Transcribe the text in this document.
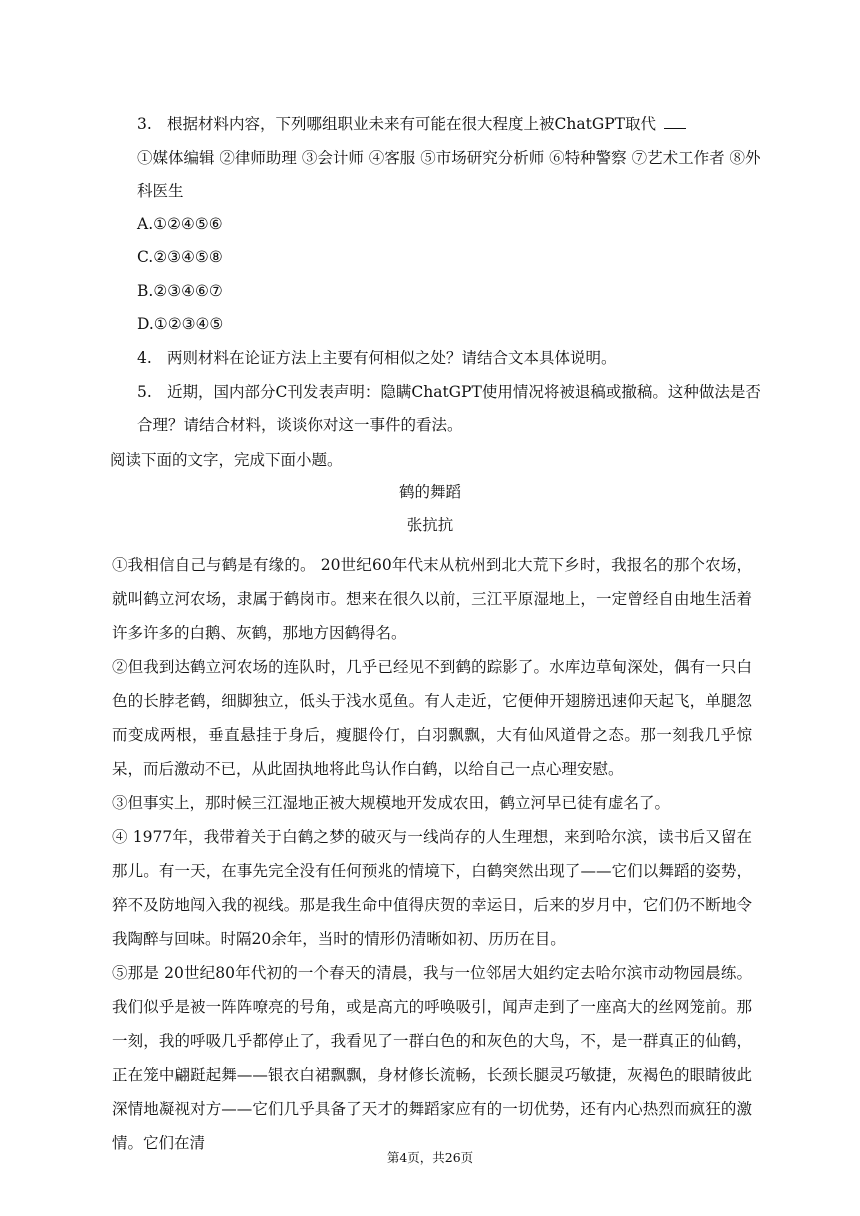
3. 根据材料内容，下列哪组职业未来有可能在很大程度上被ChatGPT取代
①媒体编辑 ②律师助理 ③会计师 ④客服 ⑤市场研究分析师 ⑥特种警察 ⑦艺术工作者 ⑧外
科医生
A.①②④⑤⑥
C.②③④⑤⑧
B.②③④⑥⑦
D.①②③④⑤
4. 两则材料在论证方法上主要有何相似之处？请结合文本具体说明。
5. 近期，国内部分C刊发表声明：隐瞒ChatGPT使用情况将被退稿或撤稿。这种做法是否
合理？请结合材料，谈谈你对这一事件的看法。
阅读下面的文字，完成下面小题。
鹤的舞蹈
张抗抗
①我相信自己与鹤是有缘的。 20世纪60年代末从杭州到北大荒下乡时，我报名的那个农场，就叫鹤立河农场，隶属于鹤岗市。想来在很久以前，三江平原湿地上，一定曾经自由地生活着许多许多的白鹅、灰鹤，那地方因鹤得名。
②但我到达鹤立河农场的连队时，几乎已经见不到鹤的踪影了。水库边草甸深处，偶有一只白色的长脖老鹤，细脚独立，低头于浅水觅鱼。有人走近，它便伸开翅膀迅速仰天起飞，单腿忽而变成两根，垂直悬挂于身后，瘦腿伶仃，白羽飘飘，大有仙风道骨之态。那一刻我几乎惊呆，而后激动不已，从此固执地将此鸟认作白鹤，以给自己一点心理安慰。
③但事实上，那时候三江湿地正被大规模地开发成农田，鹤立河早已徒有虚名了。
④ 1977年，我带着关于白鹤之梦的破灭与一线尚存的人生理想，来到哈尔滨，读书后又留在那儿。有一天，在事先完全没有任何预兆的情境下，白鹤突然出现了——它们以舞蹈的姿势，猝不及防地闯入我的视线。那是我生命中值得庆贺的幸运日，后来的岁月中，它们仍不断地令我陶醉与回味。时隔20余年，当时的情形仍清晰如初、历历在目。
⑤那是 20世纪80年代初的一个春天的清晨，我与一位邻居大姐约定去哈尔滨市动物园晨练。我们似乎是被一阵阵嘹亮的号角，或是高亢的呼唤吸引，闻声走到了一座高大的丝网笼前。那一刻，我的呼吸几乎都停止了，我看见了一群白色的和灰色的大鸟，不，是一群真正的仙鹤，正在笼中翩跹起舞——银衣白裙飘飘，身材修长流畅，长颈长腿灵巧敏捷，灰褐色的眼睛彼此深情地凝视对方——它们几乎具备了天才的舞蹈家应有的一切优势，还有内心热烈而疯狂的激情。它们在清
第4页，共26页
